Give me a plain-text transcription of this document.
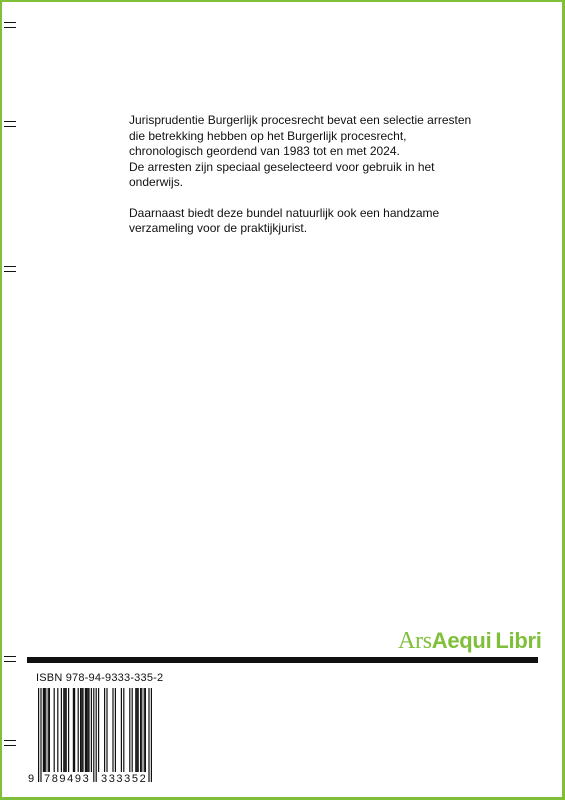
Jurisprudentie Burgerlijk procesrecht bevat een selectie arresten
die betrekking hebben op het Burgerlijk procesrecht,
chronologisch geordend van 1983 tot en met 2024.
De arresten zijn speciaal geselecteerd voor gebruik in het
onderwijs.

Daarnaast biedt deze bundel natuurlijk ook een handzame
verzameling voor de praktijkjurist.

ArsAequi Libri
ISBN 978-94-9333-335-2
9 789493 333352
